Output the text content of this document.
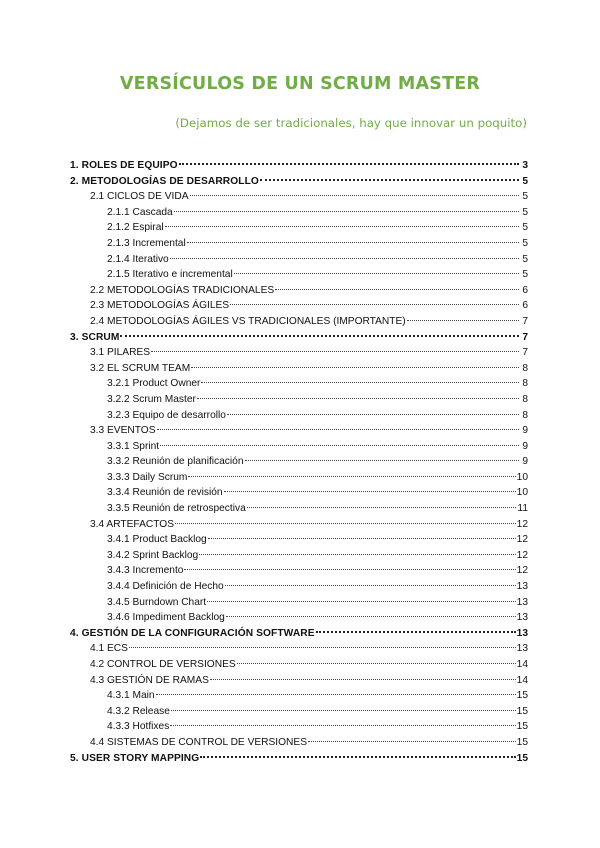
VERSÍCULOS DE UN SCRUM MASTER
(Dejamos de ser tradicionales, hay que innovar un poquito)
1. ROLES DE EQUIPO	3
2. METODOLOGÍAS DE DESARROLLO	5
2.1 CICLOS DE VIDA	5
2.1.1 Cascada	5
2.1.2 Espiral	5
2.1.3 Incremental	5
2.1.4 Iterativo	5
2.1.5 Iterativo e incremental	5
2.2 METODOLOGÍAS TRADICIONALES	6
2.3 METODOLOGÍAS ÁGILES	6
2.4 METODOLOGÍAS ÁGILES VS TRADICIONALES (IMPORTANTE)	7
3. SCRUM	7
3.1 PILARES	7
3.2 EL SCRUM TEAM	8
3.2.1 Product Owner	8
3.2.2 Scrum Master	8
3.2.3 Equipo de desarrollo	8
3.3 EVENTOS	9
3.3.1 Sprint	9
3.3.2 Reunión de planificación	9
3.3.3 Daily Scrum	10
3.3.4 Reunión de revisión	10
3.3.5 Reunión de retrospectiva	11
3.4 ARTEFACTOS	12
3.4.1 Product Backlog	12
3.4.2 Sprint Backlog	12
3.4.3 Incremento	12
3.4.4 Definición de Hecho	13
3.4.5 Burndown Chart	13
3.4.6 Impediment Backlog	13
4. GESTIÓN DE LA CONFIGURACIÓN SOFTWARE	13
4.1 ECS	13
4.2 CONTROL DE VERSIONES	14
4.3 GESTIÓN DE RAMAS	14
4.3.1 Main	15
4.3.2 Release	15
4.3.3 Hotfixes	15
4.4 SISTEMAS DE CONTROL DE VERSIONES	15
5. USER STORY MAPPING	15
